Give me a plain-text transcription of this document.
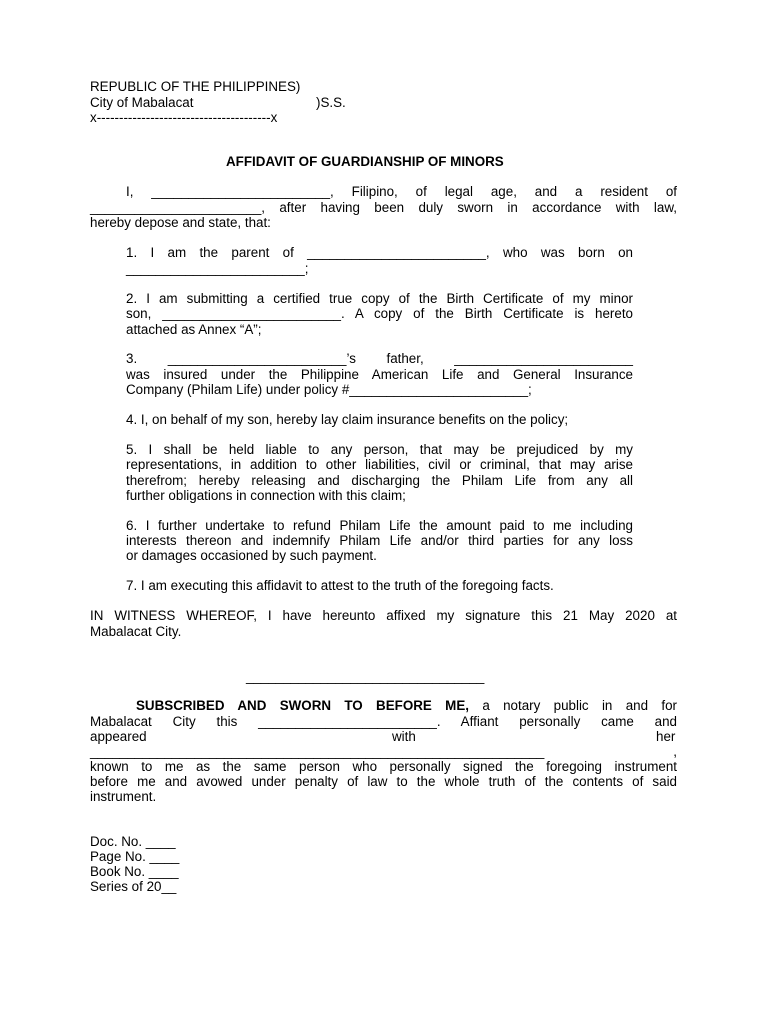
REPUBLIC OF THE PHILIPPINES)
City of Mabalacat	)S.S.
x---------------------------------------x
AFFIDAVIT OF GUARDIANSHIP OF MINORS
I, ________________________, Filipino, of legal age, and a resident of
_______________________, after having been duly sworn in accordance with law,
hereby depose and state, that:
1. I am the parent of ________________________, who was born on
________________________;
2. I am submitting a certified true copy of the Birth Certificate of my minor
son, ________________________. A copy of the Birth Certificate is hereto
attached as Annex “A”;
3. ________________________’s father, ________________________
was insured under the Philippine American Life and General Insurance
Company (Philam Life) under policy #________________________;
4. I, on behalf of my son, hereby lay claim insurance benefits on the policy;
5. I shall be held liable to any person, that may be prejudiced by my
representations, in addition to other liabilities, civil or criminal, that may arise
therefrom; hereby releasing and discharging the Philam Life from any all
further obligations in connection with this claim;
6. I further undertake to refund Philam Life the amount paid to me including
interests thereon and indemnify Philam Life and/or third parties for any loss
or damages occasioned by such payment.
7. I am executing this affidavit to attest to the truth of the foregoing facts.
IN WITNESS WHEREOF, I have hereunto affixed my signature this 21 May 2020 at
Mabalacat City.
________________________________
SUBSCRIBED AND SWORN TO BEFORE ME, a notary public in and for
Mabalacat City this ________________________. Affiant personally came and
appeared	with	her
_____________________________________________________________ ,
known to me as the same person who personally signed the foregoing instrument
before me and avowed under penalty of law to the whole truth of the contents of said
instrument.
Doc. No. ____
Page No. ____
Book No. ____
Series of 20__
